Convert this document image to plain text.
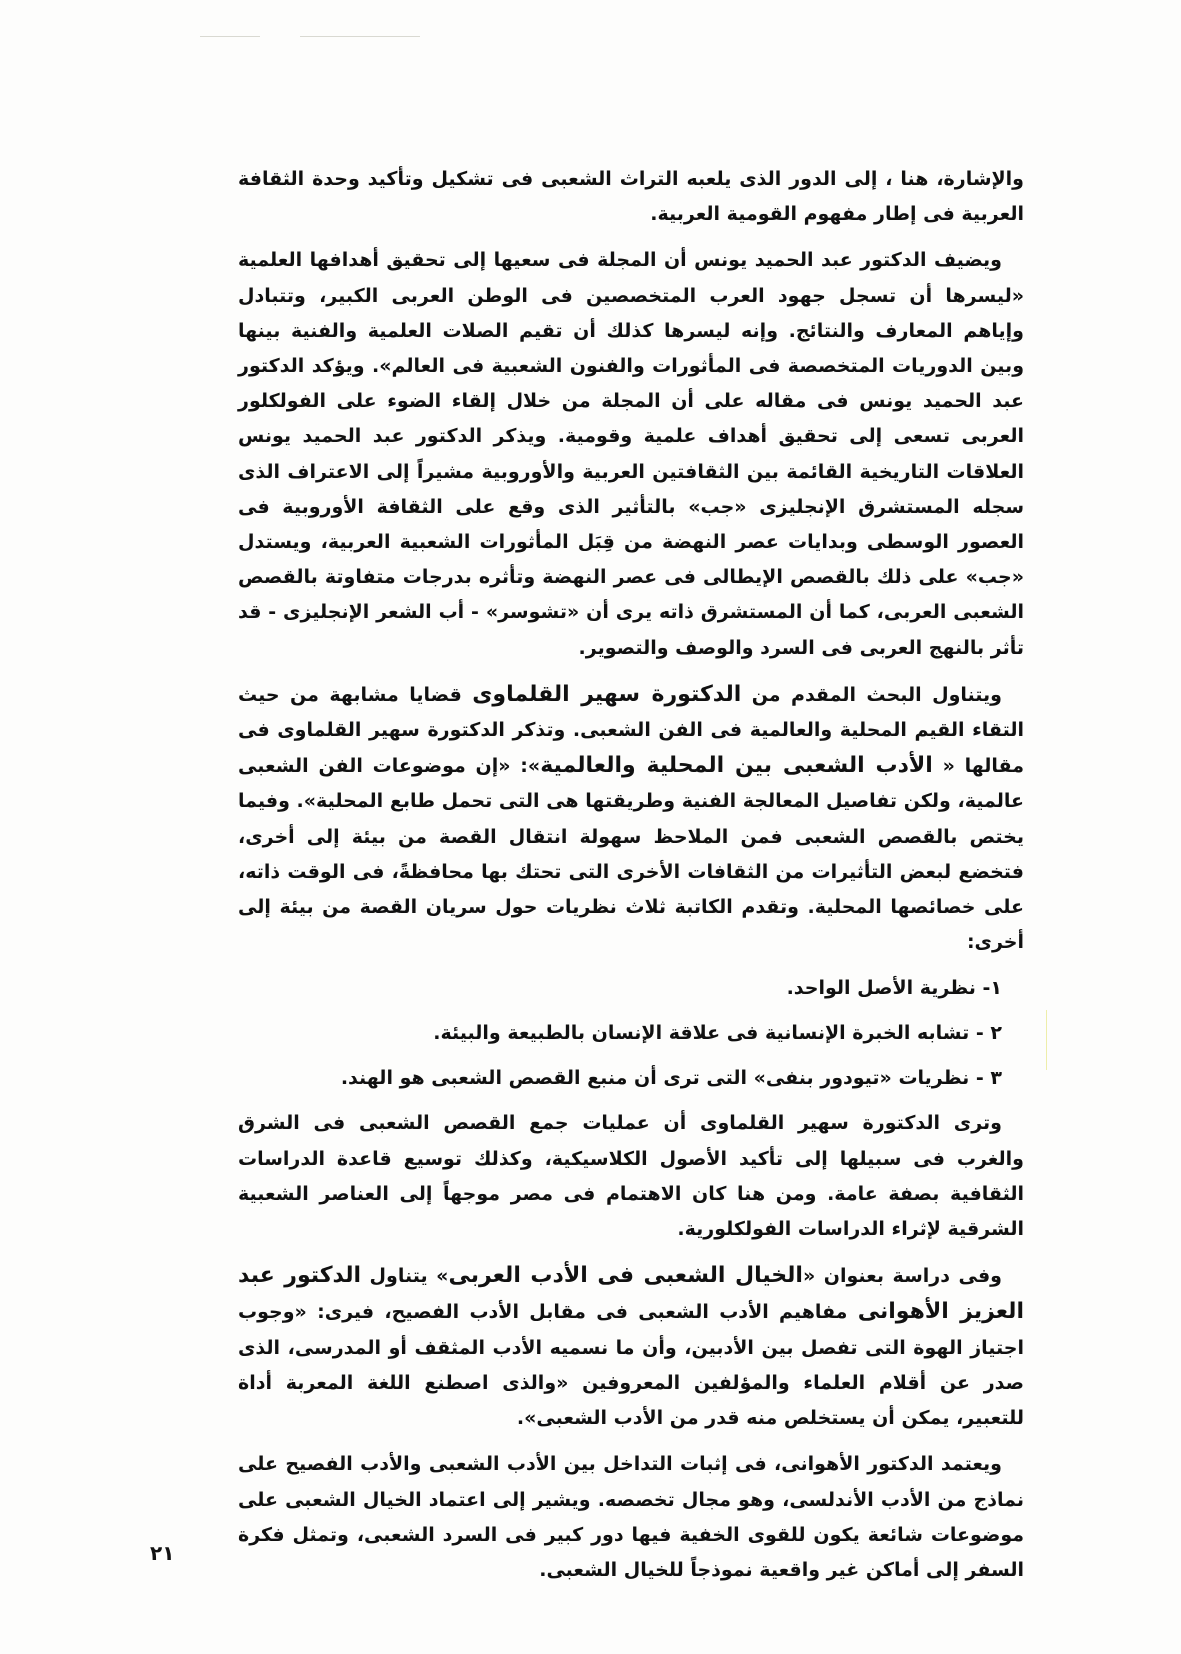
والإشارة، هنا ، إلى الدور الذى يلعبه التراث الشعبى فى تشكيل وتأكيد وحدة الثقافة العربية فى إطار مفهوم القومية العربية.

ويضيف الدكتور عبد الحميد يونس أن المجلة فى سعيها إلى تحقيق أهدافها العلمية «ليسرها أن تسجل جهود العرب المتخصصين فى الوطن العربى الكبير، وتتبادل وإياهم المعارف والنتائج. وإنه ليسرها كذلك أن تقيم الصلات العلمية والفنية بينها وبين الدوريات المتخصصة فى المأثورات والفنون الشعبية فى العالم». ويؤكد الدكتور عبد الحميد يونس فى مقاله على أن المجلة من خلال إلقاء الضوء على الفولكلور العربى تسعى إلى تحقيق أهداف علمية وقومية. ويذكر الدكتور عبد الحميد يونس العلاقات التاريخية القائمة بين الثقافتين العربية والأوروبية مشيراً إلى الاعتراف الذى سجله المستشرق الإنجليزى «جب» بالتأثير الذى وقع على الثقافة الأوروبية فى العصور الوسطى وبدايات عصر النهضة من قِبَل المأثورات الشعبية العربية، ويستدل «جب» على ذلك بالقصص الإيطالى فى عصر النهضة وتأثره بدرجات متفاوتة بالقصص الشعبى العربى، كما أن المستشرق ذاته يرى أن «تشوسر» - أب الشعر الإنجليزى - قد تأثر بالنهج العربى فى السرد والوصف والتصوير.

ويتناول البحث المقدم من الدكتورة سهير القلماوى قضايا مشابهة من حيث التقاء القيم المحلية والعالمية فى الفن الشعبى. وتذكر الدكتورة سهير القلماوى فى مقالها « الأدب الشعبى بين المحلية والعالمية»: «إن موضوعات الفن الشعبى عالمية، ولكن تفاصيل المعالجة الفنية وطريقتها هى التى تحمل طابع المحلية». وفيما يختص بالقصص الشعبى فمن الملاحظ سهولة انتقال القصة من بيئة إلى أخرى، فتخضع لبعض التأثيرات من الثقافات الأخرى التى تحتك بها محافظةً، فى الوقت ذاته، على خصائصها المحلية. وتقدم الكاتبة ثلاث نظريات حول سريان القصة من بيئة إلى أخرى:

١- نظرية الأصل الواحد.

٢ - تشابه الخبرة الإنسانية فى علاقة الإنسان بالطبيعة والبيئة.

٣ - نظريات «تيودور بنفى» التى ترى أن منبع القصص الشعبى هو الهند.

وترى الدكتورة سهير القلماوى أن عمليات جمع القصص الشعبى فى الشرق والغرب فى سبيلها إلى تأكيد الأصول الكلاسيكية، وكذلك توسيع قاعدة الدراسات الثقافية بصفة عامة. ومن هنا كان الاهتمام فى مصر موجهاً إلى العناصر الشعبية الشرقية لإثراء الدراسات الفولكلورية.

وفى دراسة بعنوان «الخيال الشعبى فى الأدب العربى» يتناول الدكتور عبد العزيز الأهوانى مفاهيم الأدب الشعبى فى مقابل الأدب الفصيح، فيرى: «وجوب اجتياز الهوة التى تفصل بين الأدبين، وأن ما نسميه الأدب المثقف أو المدرسى، الذى صدر عن أقلام العلماء والمؤلفين المعروفين «والذى اصطنع اللغة المعربة أداة للتعبير، يمكن أن يستخلص منه قدر من الأدب الشعبى».

ويعتمد الدكتور الأهوانى، فى إثبات التداخل بين الأدب الشعبى والأدب الفصيح على نماذج من الأدب الأندلسى، وهو مجال تخصصه. ويشير إلى اعتماد الخيال الشعبى على موضوعات شائعة يكون للقوى الخفية فيها دور كبير فى السرد الشعبى، وتمثل فكرة السفر إلى أماكن غير واقعية نموذجاً للخيال الشعبى.

٢١
